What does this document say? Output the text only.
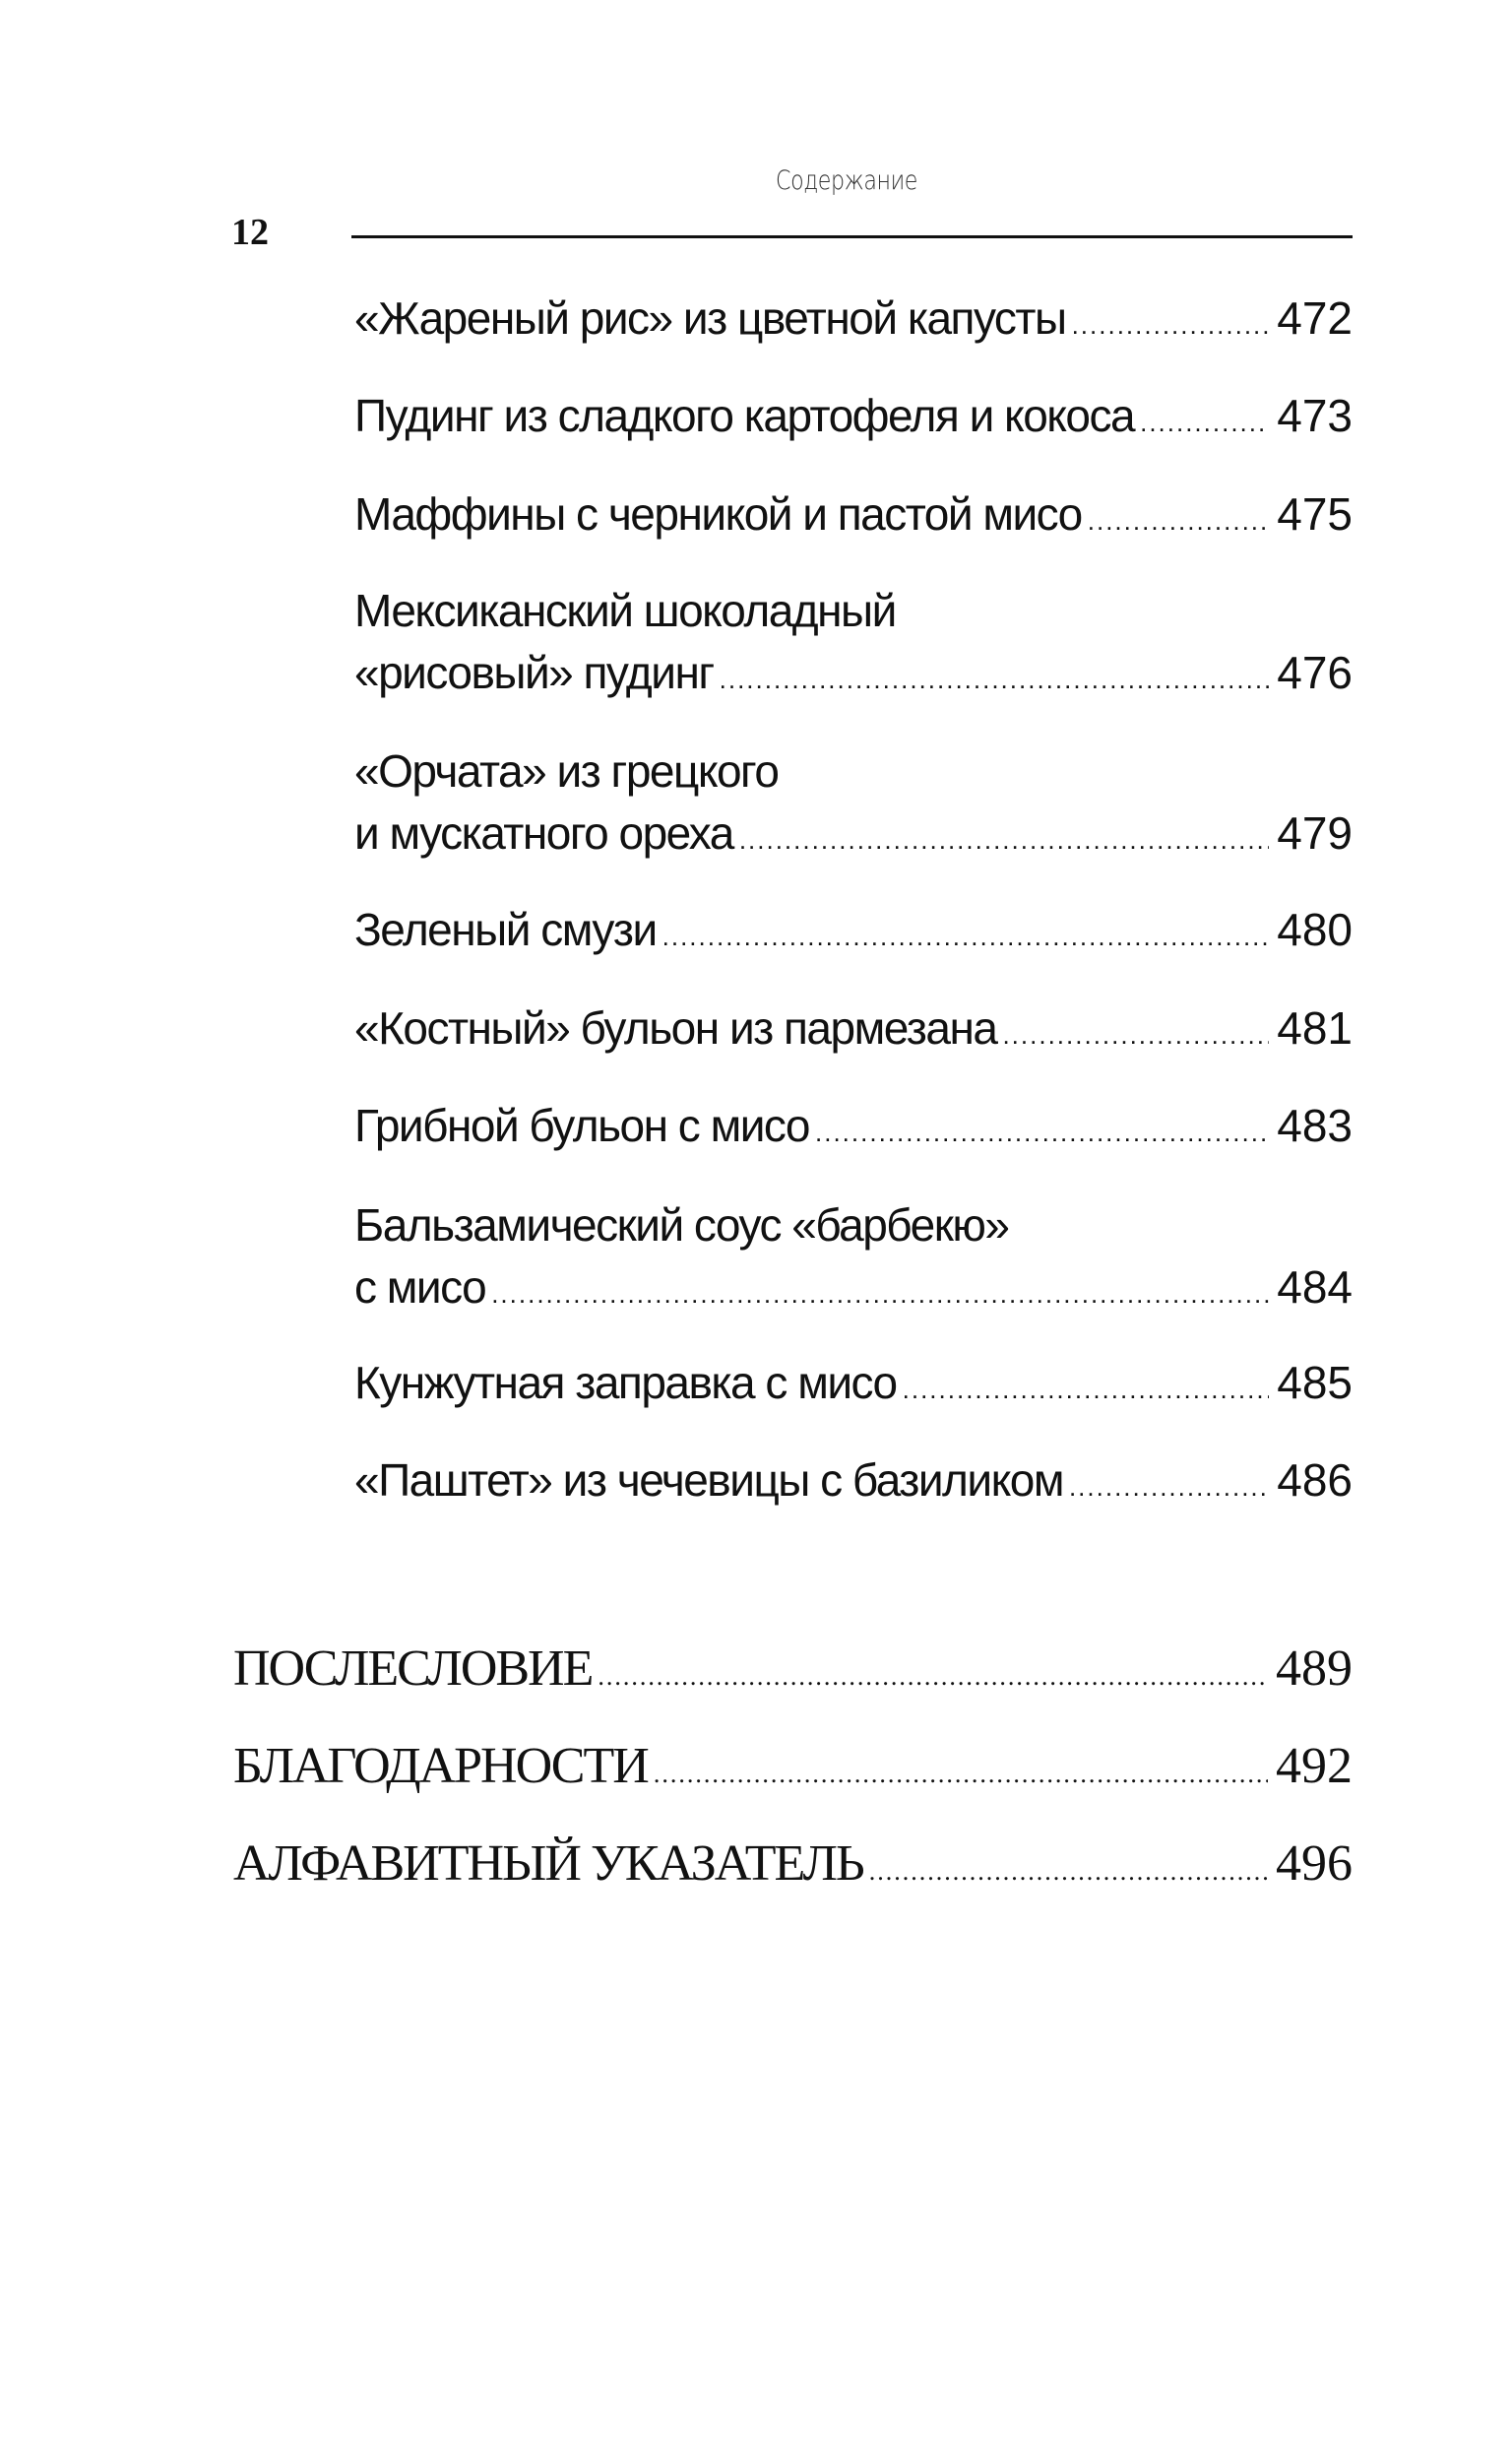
Содержание
12
«Жареный рис» из цветной капусты .....	472
Пудинг из сладкого картофеля и кокоса .....	473
Маффины с черникой и пастой мисо .....	475
Мексиканский шоколадный
«рисовый» пудинг .....	476
«Орчата» из грецкого
и мускатного ореха .....	479
Зеленый смузи .....	480
«Костный» бульон из пармезана .....	481
Грибной бульон с мисо .....	483
Бальзамический соус «барбекю»
с мисо .....	484
Кунжутная заправка с мисо .....	485
«Паштет» из чечевицы с базиликом .....	486
ПОСЛЕСЛОВИЕ .....	489
БЛАГОДАРНОСТИ .....	492
АЛФАВИТНЫЙ УКАЗАТЕЛЬ .....	496
